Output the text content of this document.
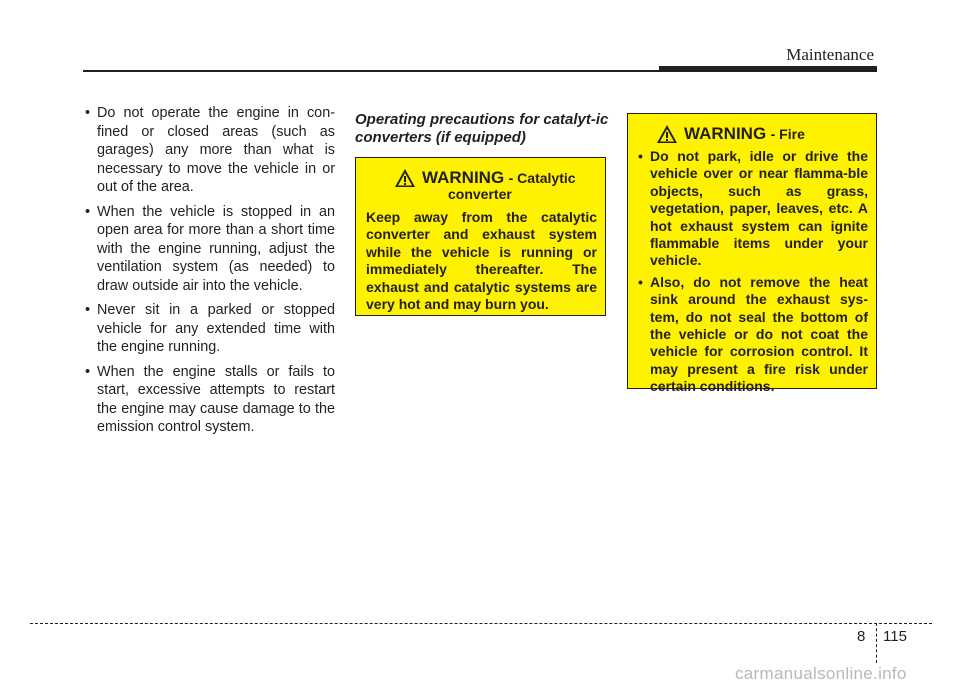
Maintenance
• Do not operate the engine in con-fined or closed areas (such as garages) any more than what is necessary to move the vehicle in or out of the area.
• When the vehicle is stopped in an open area for more than a short time with the engine running, adjust the ventilation system (as needed) to draw outside air into the vehicle.
• Never sit in a parked or stopped vehicle for any extended time with the engine running.
• When the engine stalls or fails to start, excessive attempts to restart the engine may cause damage to the emission control system.
Operating precautions for catalyt-ic converters (if equipped)
WARNING - Catalytic
converter
Keep away from the catalytic converter and exhaust system while the vehicle is running or immediately thereafter. The exhaust and catalytic systems are very hot and may burn you.
WARNING - Fire
• Do not park, idle or drive the vehicle over or near flamma-ble objects, such as grass, vegetation, paper, leaves, etc. A hot exhaust system can ignite flammable items under your vehicle.
• Also, do not remove the heat sink around the exhaust sys-tem, do not seal the bottom of the vehicle or do not coat the vehicle for corrosion control. It may present a fire risk under certain conditions.
8 115
carmanualsonline.info
